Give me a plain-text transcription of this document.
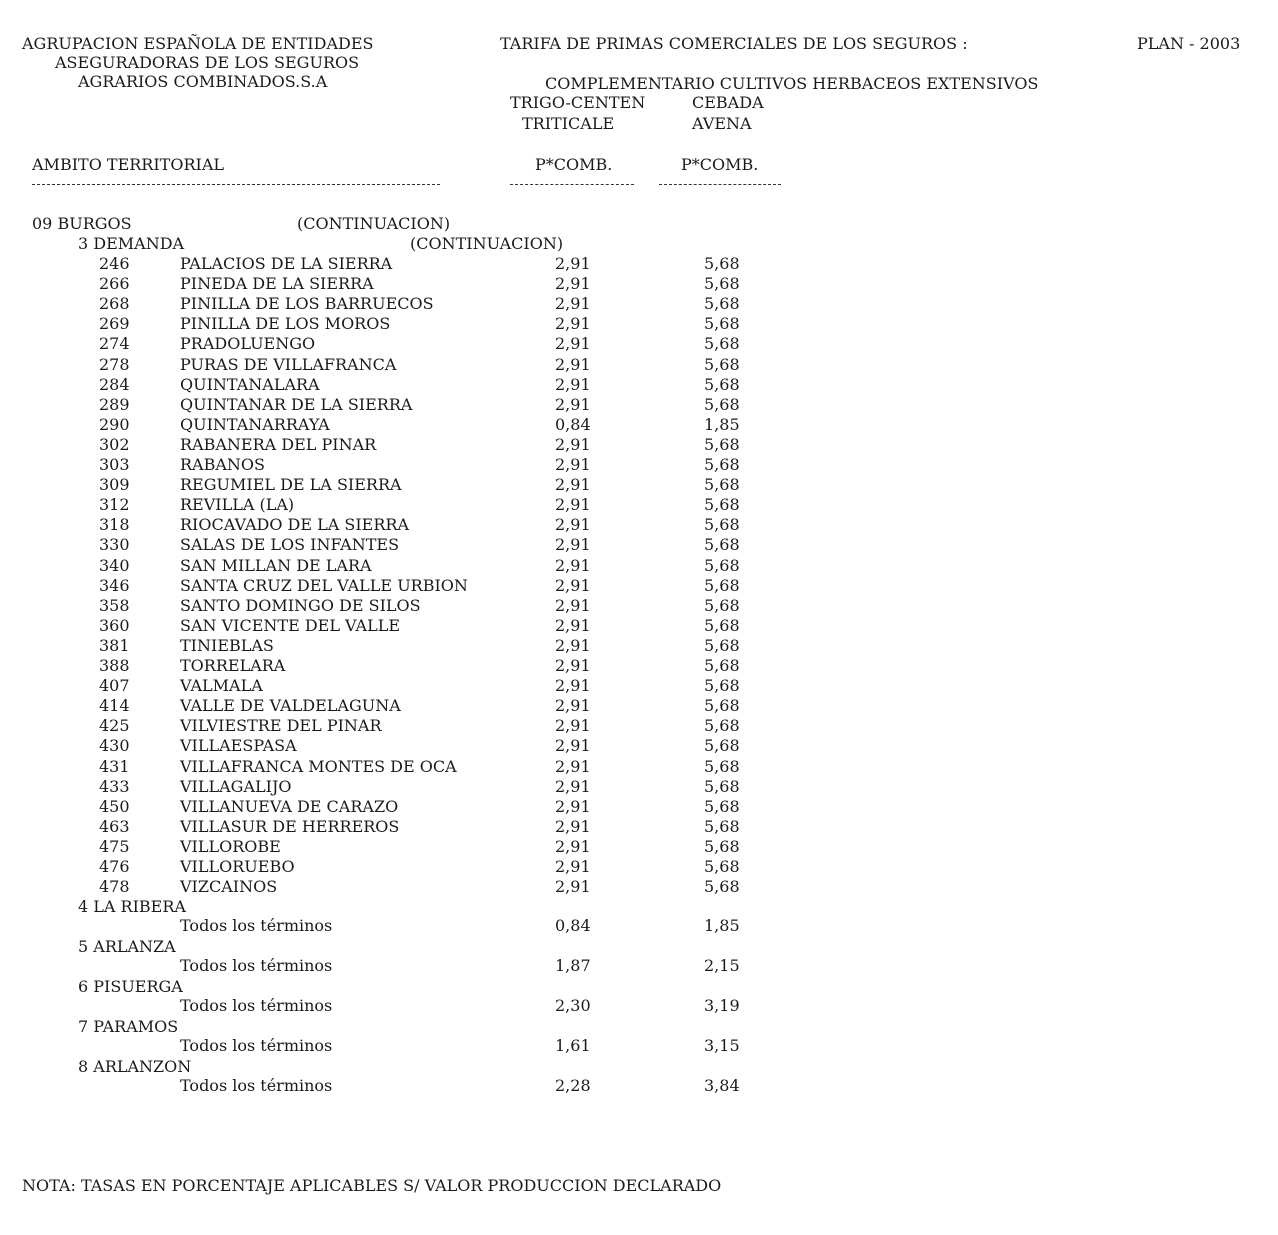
AGRUPACION ESPAÑOLA DE ENTIDADES
ASEGURADORAS DE LOS SEGUROS
AGRARIOS COMBINADOS.S.A
TARIFA DE PRIMAS COMERCIALES DE LOS SEGUROS :	PLAN - 2003
COMPLEMENTARIO CULTIVOS HERBACEOS EXTENSIVOS
TRIGO-CENTEN	CEBADA
TRITICALE	AVENA
AMBITO TERRITORIAL	P*COMB.	P*COMB.
09 BURGOS	(CONTINUACION)
3 DEMANDA	(CONTINUACION)
246	PALACIOS DE LA SIERRA	2,91	5,68
266	PINEDA DE LA SIERRA	2,91	5,68
268	PINILLA DE LOS BARRUECOS	2,91	5,68
269	PINILLA DE LOS MOROS	2,91	5,68
274	PRADOLUENGO	2,91	5,68
278	PURAS DE VILLAFRANCA	2,91	5,68
284	QUINTANALARA	2,91	5,68
289	QUINTANAR DE LA SIERRA	2,91	5,68
290	QUINTANARRAYA	0,84	1,85
302	RABANERA DEL PINAR	2,91	5,68
303	RABANOS	2,91	5,68
309	REGUMIEL DE LA SIERRA	2,91	5,68
312	REVILLA (LA)	2,91	5,68
318	RIOCAVADO DE LA SIERRA	2,91	5,68
330	SALAS DE LOS INFANTES	2,91	5,68
340	SAN MILLAN DE LARA	2,91	5,68
346	SANTA CRUZ DEL VALLE URBION	2,91	5,68
358	SANTO DOMINGO DE SILOS	2,91	5,68
360	SAN VICENTE DEL VALLE	2,91	5,68
381	TINIEBLAS	2,91	5,68
388	TORRELARA	2,91	5,68
407	VALMALA	2,91	5,68
414	VALLE DE VALDELAGUNA	2,91	5,68
425	VILVIESTRE DEL PINAR	2,91	5,68
430	VILLAESPASA	2,91	5,68
431	VILLAFRANCA MONTES DE OCA	2,91	5,68
433	VILLAGALIJO	2,91	5,68
450	VILLANUEVA DE CARAZO	2,91	5,68
463	VILLASUR DE HERREROS	2,91	5,68
475	VILLOROBE	2,91	5,68
476	VILLORUEBO	2,91	5,68
478	VIZCAINOS	2,91	5,68
4 LA RIBERA
Todos los términos	0,84	1,85
5 ARLANZA
Todos los términos	1,87	2,15
6 PISUERGA
Todos los términos	2,30	3,19
7 PARAMOS
Todos los términos	1,61	3,15
8 ARLANZON
Todos los términos	2,28	3,84
NOTA: TASAS EN PORCENTAJE APLICABLES S/ VALOR PRODUCCION DECLARADO
